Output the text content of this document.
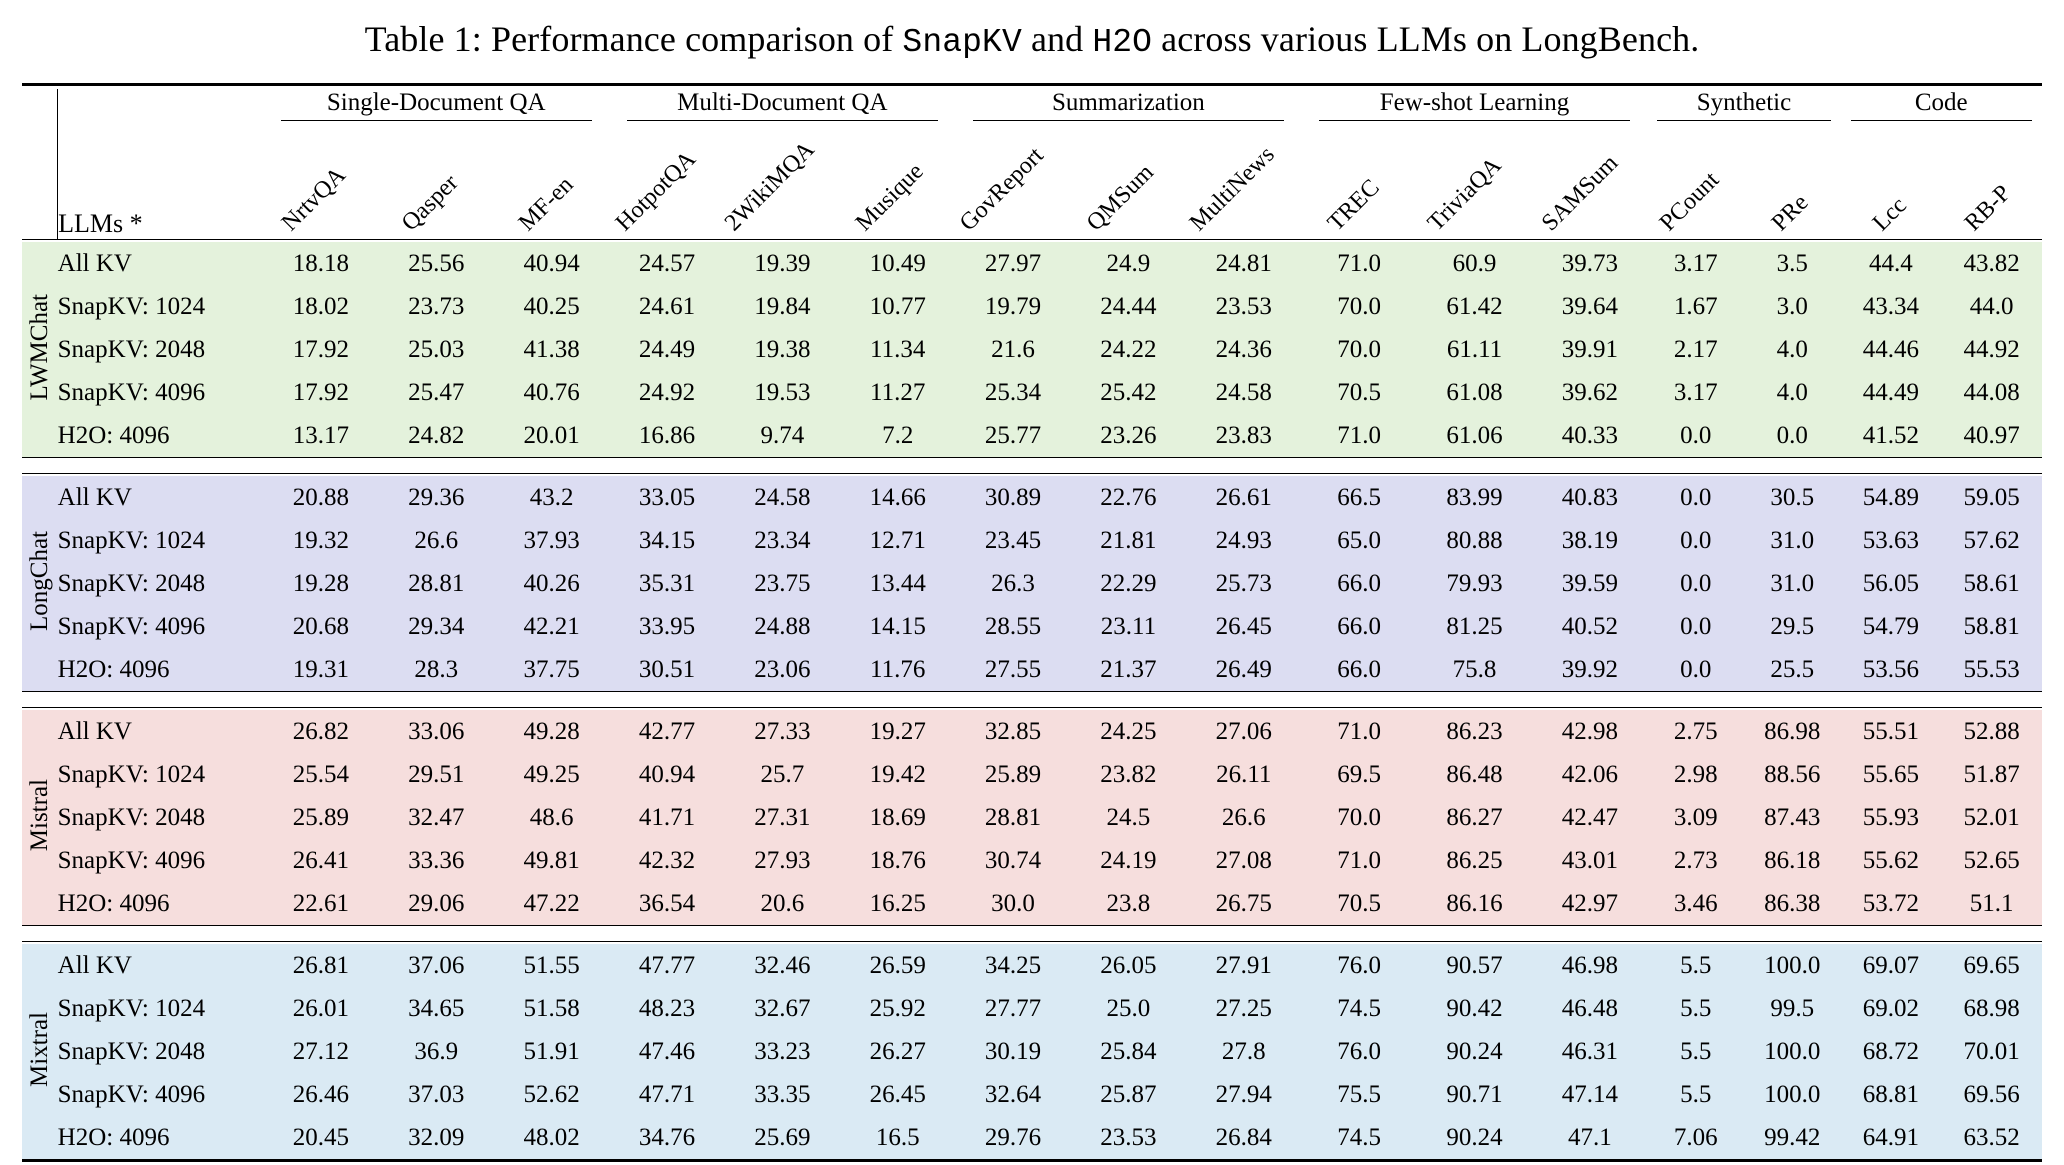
Table 1: Performance comparison of SnapKV and H2O across various LLMs on LongBench.

	LLMs *	Single-Document QA			Multi-Document QA			Summarization			Few-shot Learning			Synthetic		Code	

		NrtvQA	Qasper	MF-en	HotpotQA	2WikiMQA	Musique	GovReport	QMSum	MultiNews	TREC	TriviaQA	SAMSum	PCount	PRe	Lcc	RB-P

LWMChat	All KV	18.18	25.56	40.94	24.57	19.39	10.49	27.97	24.9	24.81	71.0	60.9	39.73	3.17	3.5	44.4	43.82
	SnapKV: 1024	18.02	23.73	40.25	24.61	19.84	10.77	19.79	24.44	23.53	70.0	61.42	39.64	1.67	3.0	43.34	44.0
	SnapKV: 2048	17.92	25.03	41.38	24.49	19.38	11.34	21.6	24.22	24.36	70.0	61.11	39.91	2.17	4.0	44.46	44.92
	SnapKV: 4096	17.92	25.47	40.76	24.92	19.53	11.27	25.34	25.42	24.58	70.5	61.08	39.62	3.17	4.0	44.49	44.08
	H2O: 4096	13.17	24.82	20.01	16.86	9.74	7.2	25.77	23.26	23.83	71.0	61.06	40.33	0.0	0.0	41.52	40.97

LongChat	All KV	20.88	29.36	43.2	33.05	24.58	14.66	30.89	22.76	26.61	66.5	83.99	40.83	0.0	30.5	54.89	59.05
	SnapKV: 1024	19.32	26.6	37.93	34.15	23.34	12.71	23.45	21.81	24.93	65.0	80.88	38.19	0.0	31.0	53.63	57.62
	SnapKV: 2048	19.28	28.81	40.26	35.31	23.75	13.44	26.3	22.29	25.73	66.0	79.93	39.59	0.0	31.0	56.05	58.61
	SnapKV: 4096	20.68	29.34	42.21	33.95	24.88	14.15	28.55	23.11	26.45	66.0	81.25	40.52	0.0	29.5	54.79	58.81
	H2O: 4096	19.31	28.3	37.75	30.51	23.06	11.76	27.55	21.37	26.49	66.0	75.8	39.92	0.0	25.5	53.56	55.53

Mistral	All KV	26.82	33.06	49.28	42.77	27.33	19.27	32.85	24.25	27.06	71.0	86.23	42.98	2.75	86.98	55.51	52.88
	SnapKV: 1024	25.54	29.51	49.25	40.94	25.7	19.42	25.89	23.82	26.11	69.5	86.48	42.06	2.98	88.56	55.65	51.87
	SnapKV: 2048	25.89	32.47	48.6	41.71	27.31	18.69	28.81	24.5	26.6	70.0	86.27	42.47	3.09	87.43	55.93	52.01
	SnapKV: 4096	26.41	33.36	49.81	42.32	27.93	18.76	30.74	24.19	27.08	71.0	86.25	43.01	2.73	86.18	55.62	52.65
	H2O: 4096	22.61	29.06	47.22	36.54	20.6	16.25	30.0	23.8	26.75	70.5	86.16	42.97	3.46	86.38	53.72	51.1

Mixtral	All KV	26.81	37.06	51.55	47.77	32.46	26.59	34.25	26.05	27.91	76.0	90.57	46.98	5.5	100.0	69.07	69.65
	SnapKV: 1024	26.01	34.65	51.58	48.23	32.67	25.92	27.77	25.0	27.25	74.5	90.42	46.48	5.5	99.5	69.02	68.98
	SnapKV: 2048	27.12	36.9	51.91	47.46	33.23	26.27	30.19	25.84	27.8	76.0	90.24	46.31	5.5	100.0	68.72	70.01
	SnapKV: 4096	26.46	37.03	52.62	47.71	33.35	26.45	32.64	25.87	27.94	75.5	90.71	47.14	5.5	100.0	68.81	69.56
	H2O: 4096	20.45	32.09	48.02	34.76	25.69	16.5	29.76	23.53	26.84	74.5	90.24	47.1	7.06	99.42	64.91	63.52
